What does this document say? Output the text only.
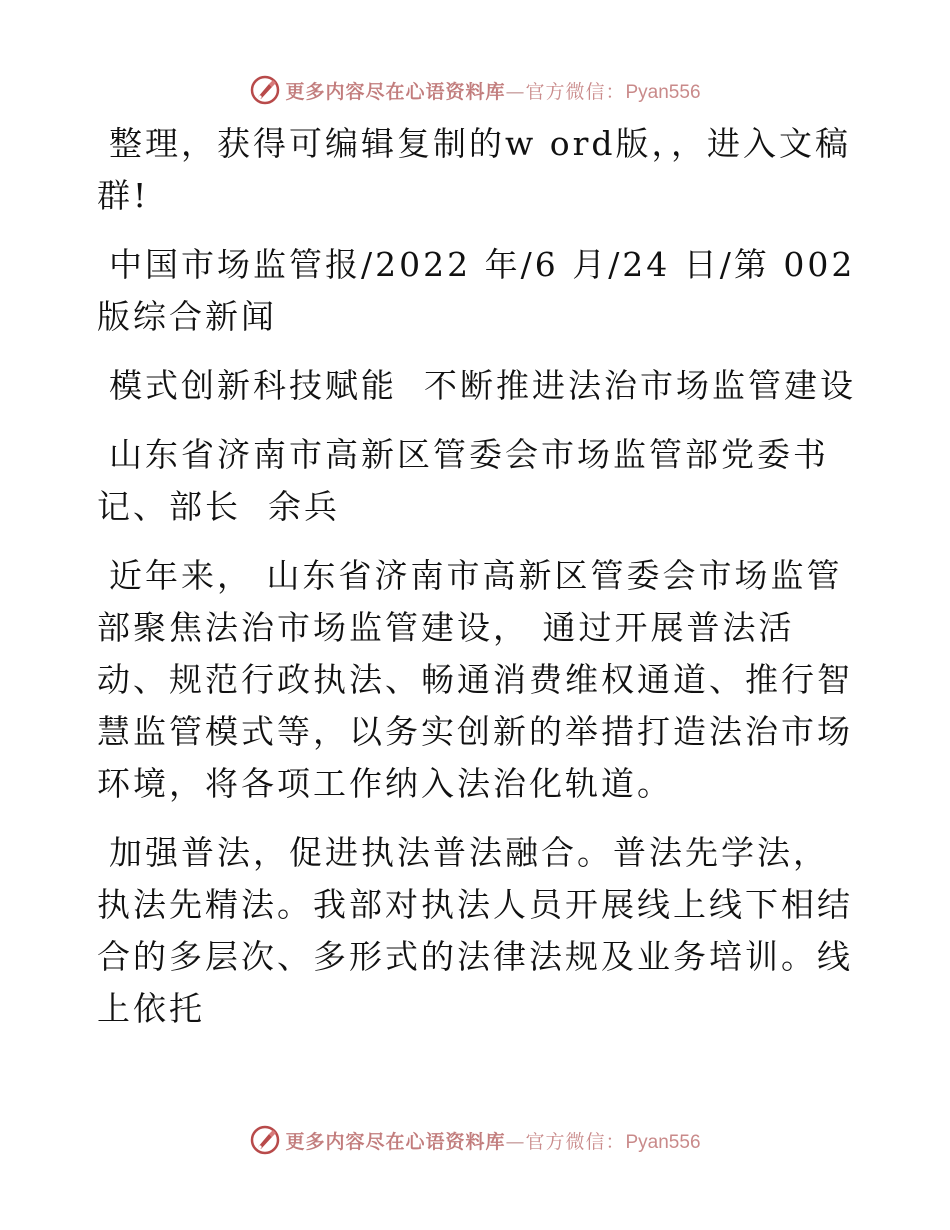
更多内容尽在心语资料库—官方微信：Pyan556

整理，获得可编辑复制的w ord版，，进入文稿群!

中国市场监管报/2022 年/6 月/24 日/第 002 版综合新闻

模式创新科技赋能  不断推进法治市场监管建设

山东省济南市高新区管委会市场监管部党委书记、部长  余兵

近年来， 山东省济南市高新区管委会市场监管部聚焦法治市场监管建设， 通过开展普法活动、规范行政执法、畅通消费维权通道、推行智慧监管模式等，以务实创新的举措打造法治市场环境，将各项工作纳入法治化轨道。

加强普法，促进执法普法融合。普法先学法，执法先精法。我部对执法人员开展线上线下相结合的多层次、多形式的法律法规及业务培训。线上依托

更多内容尽在心语资料库—官方微信：Pyan556
